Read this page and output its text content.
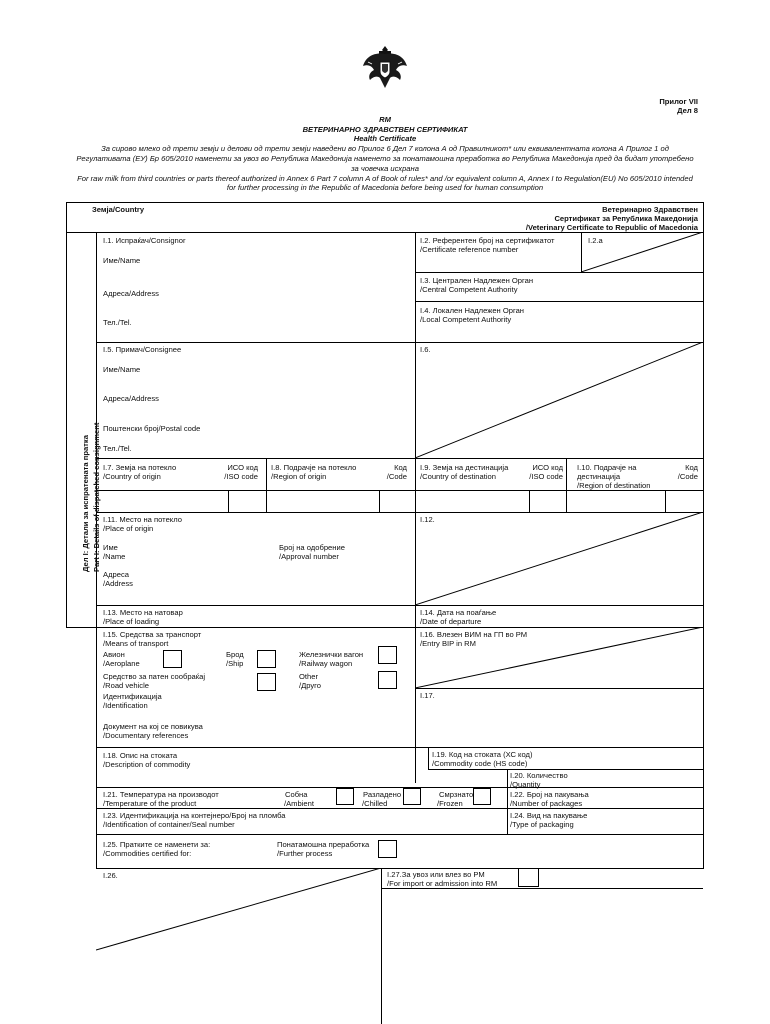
Прилог VII
Дел 8
RM
ВЕТЕРИНАРНО ЗДРАВСТВЕН СЕРТИФИКАТ
Health Certificate
За сирово млеко од трети земји и делови од трети земји наведени во Прилог 6 Дел 7 колона А од Правилникот* или еквивалентната колона А Прилог 1 од
Регулативата (ЕУ) Бр 605/2010 наменети за увоз во Република Македонија наменето за понатамошна преработка во Република Македонија пред да бидат употребено
за човечка исхрана
For raw milk from third countries or parts thereof authorized in Annex 6 Part 7 column A of Book of rules* and /or equivalent column A, Annex I to Regulation(EU) No 605/2010 intended
for further processing in the Republic of Macedonia before being used for human consumption
Земја/Country	Ветеринарно Здравствен
Сертификат за Република Македонија
/Veterinary Certificate to Republic of Macedonia
Дел I: Детали за испратената пратка Part I: Details of dispatched consignment
I.1. Испраќач/Consignor
Име/Name
Адреса/Address
Тел./Tel.
I.2. Референтен број на сертификатот
/Certificate reference number
I.2.a
I.3. Централен Надлежен Орган
/Central Competent Authority
I.4. Локален Надлежен Орган
/Local Competent Authority
I.5. Примач/Consignee
Име/Name
Адреса/Address
Поштенски број/Postal code
Тел./Tel.
I.6.
I.7. Земја на потекло
/Country of origin
ИСО код
/ISO code
I.8. Подрачје на потекло
/Region of origin
Код
/Code
I.9. Земја на дестинација
/Country of destination
ИСО код
/ISO code
I.10. Подрачје на
дестинација
/Region of destination
Код
/Code
I.11. Место на потекло
/Place of origin
Име
/Name
Број на одобрение
/Approval number
Адреса
/Address
I.12.
I.13. Место на натовар
/Place of loading
I.14. Дата на поаѓање
/Date of departure
I.15. Средства за транспорт
/Means of transport
Авион
/Aeroplane
Брод
/Ship
Железнички вагон
/Railway wagon
Средство за патен сообраќај
/Road vehicle
Other
/Друго
Идентификација
/Identification
Документ на кој се повикува
/Documentary references
I.16. Влезен ВИМ на ГП во РМ
/Entry BIP in RM
I.17.
I.18. Опис на стоката
/Description of commodity
I.19. Код на стоката (ХС код)
/Commodity code (HS code)
I.20. Количество
/Quantity
I.21. Температура на производот
/Temperature of the product
Собна
/Ambient
Разладено
/Chilled
Смрзнато
/Frozen
I.22. Број на пакувања
/Number of packages
I.23. Идентификација на контејнеро/Број на пломба
/Identification of container/Seal number
I.24. Вид на пакување
/Type of packaging
I.25. Пратките се наменети за:
/Commodities certified for:
Понатамошна преработка
/Further process
I.26.	I.27.За увоз или влез во РМ
/For import or admission into RM
